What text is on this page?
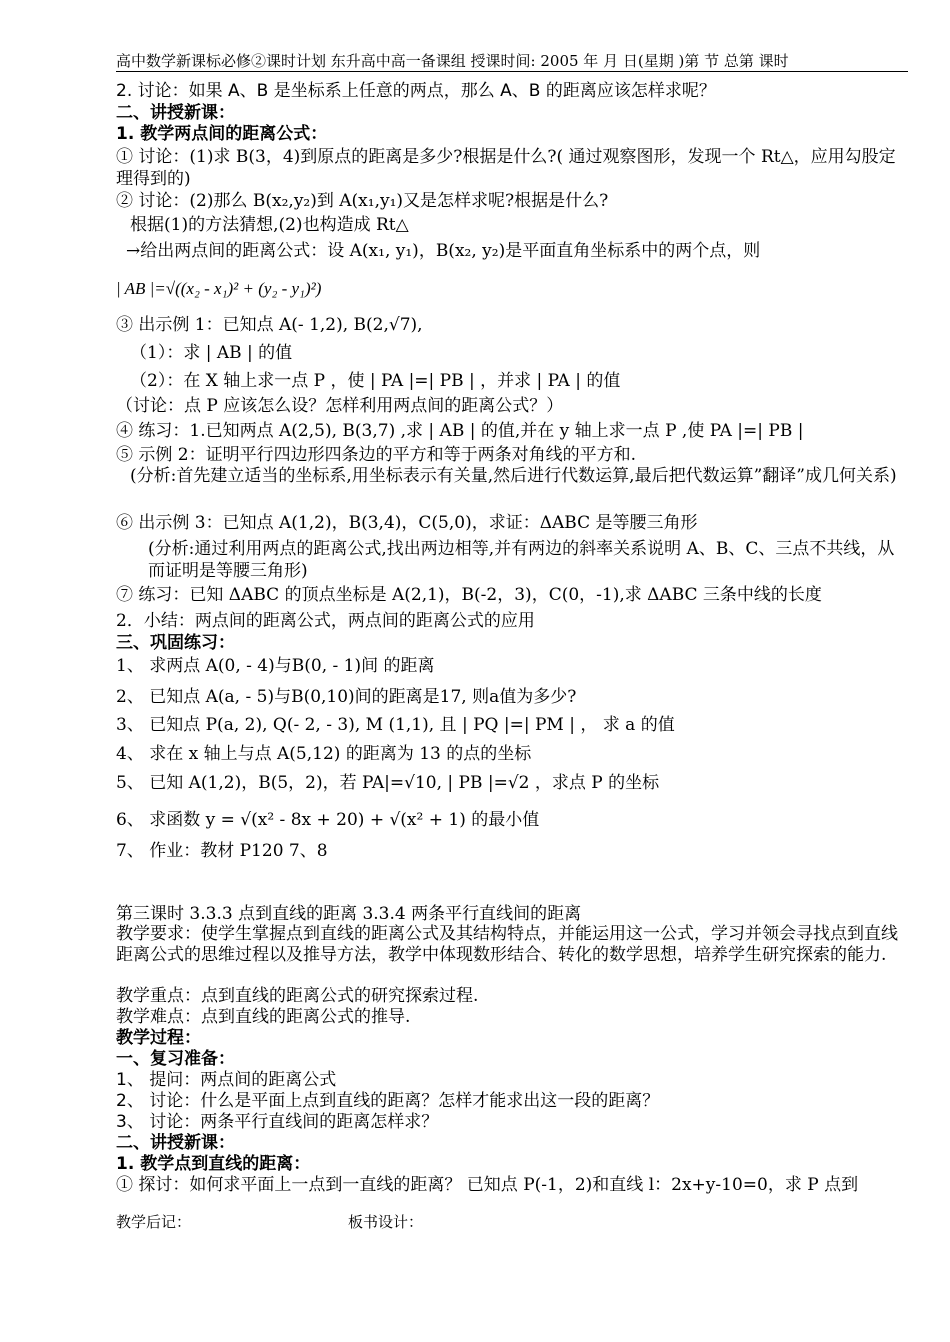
高中数学新课标必修②课时计划 东升高中高一备课组 授课时间: 2005 年 月 日(星期 )第 节 总第 课时
2. 讨论：如果 A、B 是坐标系上任意的两点，那么 A、B 的距离应该怎样求呢？
二、讲授新课：
1. 教学两点间的距离公式：
① 讨论：(1)求 B(3，4)到原点的距离是多少?根据是什么?( 通过观察图形，发现一个 Rt△，应用勾股定理得到的)
② 讨论：(2)那么 B(x₂,y₂)到 A(x₁,y₁)又是怎样求呢?根据是什么?
根据(1)的方法猜想,(2)也构造成 Rt△
→给出两点间的距离公式：设 A(x₁, y₁)，B(x₂, y₂)是平面直角坐标系中的两个点，则
| AB |=√((x₂ - x₁)² + (y₂ - y₁)²)
③ 出示例 1：已知点 A(- 1,2), B(2,√7),
（1）：求 | AB | 的值
（2）：在 X 轴上求一点 P ，使 | PA |=| PB | ，并求 | PA | 的值
（讨论：点 P 应该怎么设？怎样利用两点间的距离公式？）
④ 练习：1.已知两点 A(2,5), B(3,7) ,求 | AB | 的值,并在 y 轴上求一点 P ,使 PA |=| PB |
⑤ 示例 2：证明平行四边形四条边的平方和等于两条对角线的平方和.
(分析:首先建立适当的坐标系,用坐标表示有关量,然后进行代数运算,最后把代数运算”翻译”成几何关系)
⑥ 出示例 3：已知点 A(1,2)，B(3,4)，C(5,0)，求证：ΔABC 是等腰三角形
(分析:通过利用两点的距离公式,找出两边相等,并有两边的斜率关系说明 A、B、C、三点不共线，从而证明是等腰三角形)
⑦ 练习：已知 ΔABC 的顶点坐标是 A(2,1)，B(-2，3)，C(0，-1),求 ΔABC 三条中线的长度
2．小结：两点间的距离公式，两点间的距离公式的应用
三、巩固练习：
1、 求两点 A(0, - 4)与B(0, - 1)间 的距离
2、 已知点 A(a, - 5)与B(0,10)间的距离是17, 则a值为多少?
3、 已知点 P(a, 2), Q(- 2, - 3), M (1,1), 且 | PQ |=| PM | ， 求 a 的值
4、 求在 x 轴上与点 A(5,12) 的距离为 13 的点的坐标
5、 已知 A(1,2)，B(5，2)，若 PA|=√10, | PB |=√2 ，求点 P 的坐标
6、 求函数 y = √(x² - 8x + 20) + √(x² + 1) 的最小值
7、 作业：教材 P120 7、8
第三课时 3.3.3 点到直线的距离 3.3.4 两条平行直线间的距离
教学要求：使学生掌握点到直线的距离公式及其结构特点，并能运用这一公式，学习并领会寻找点到直线距离公式的思维过程以及推导方法，教学中体现数形结合、转化的数学思想，培养学生研究探索的能力.
教学重点：点到直线的距离公式的研究探索过程.
教学难点：点到直线的距离公式的推导.
教学过程：
一、复习准备：
1、 提问：两点间的距离公式
2、 讨论：什么是平面上点到直线的距离？怎样才能求出这一段的距离？
3、 讨论：两条平行直线间的距离怎样求？
二、讲授新课：
1. 教学点到直线的距离：
① 探讨：如何求平面上一点到一直线的距离？ 已知点 P(-1，2)和直线 l：2x+y-10=0，求 P 点到
教学后记：	板书设计：
